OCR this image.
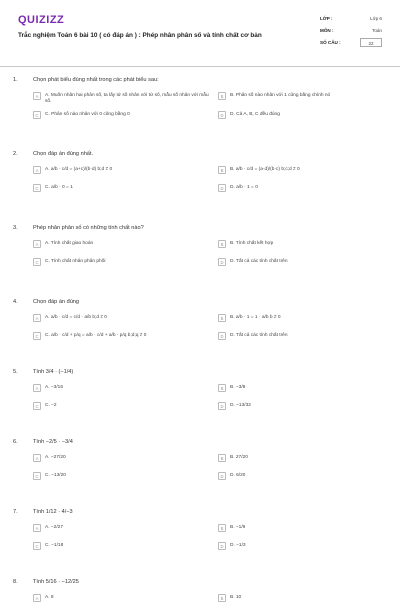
QUIZIZZ
Trắc nghiệm Toán 6 bài 10 ( có đáp án ) : Phép nhân phân số và tính chất cơ bản
LỚP :	Lớp 6
MÔN :	Toán
SỐ CÂU :	22
1.	Chọn phát biểu đúng nhất trong các phát biểu sau:
A	A. Muốn nhân hai phân số, ta lấy tử số nhân với tử số, mẫu số nhân với mẫu số.
B	B. Phân số nào nhân với 1 cũng bằng chính nó
C	C. Phân số nào nhân với 0 cũng bằng 0	D	D. Cả A, B, C đều đúng
2.	Chọn đáp án đúng nhất.
A	A. a/b · c/d = (a+c)/(b·d) b;d ≠ 0	B	B. a/b · c/d = (a·d)/(b·c) b;c;d ≠ 0
C	C. a/b · 0 = 1	D	D. a/b · 1 = 0
3.	Phép nhân phân số có những tính chất nào?
A	A. Tính chất giao hoán	B	B. Tính chất kết hợp
C	C. Tính chất nhân phân phối	D	D. Tất cả các tính chất trên
4.	Chọn đáp án đúng
A	A. a/b · c/d = c/d · a/b b;d ≠ 0	B	B. a/b · 1 = 1 · a/b b ≠ 0
C	C. a/b · c/d + p/q = a/b · c/d + a/b · p/q b;d;q ≠ 0	D	D. Tất cả các tính chất trên
5.	Tính 3/4 · (−1/4)
A	A. −3/16	B	B. −3/8
C	C. −2	D	D. −13/32
6.	Tính −2/5 · −3/4
A	A. −27/20	B	B. 27/20
C	C. −13/20	D	D. 6/20
7.	Tính 1/12 · 4/−3
A	A. −2/27	B	B. −1/9
C	C. −1/18	D	D. −1/3
8.	Tính 5/16 · −12/25
A	A. 8	B	B. 10
